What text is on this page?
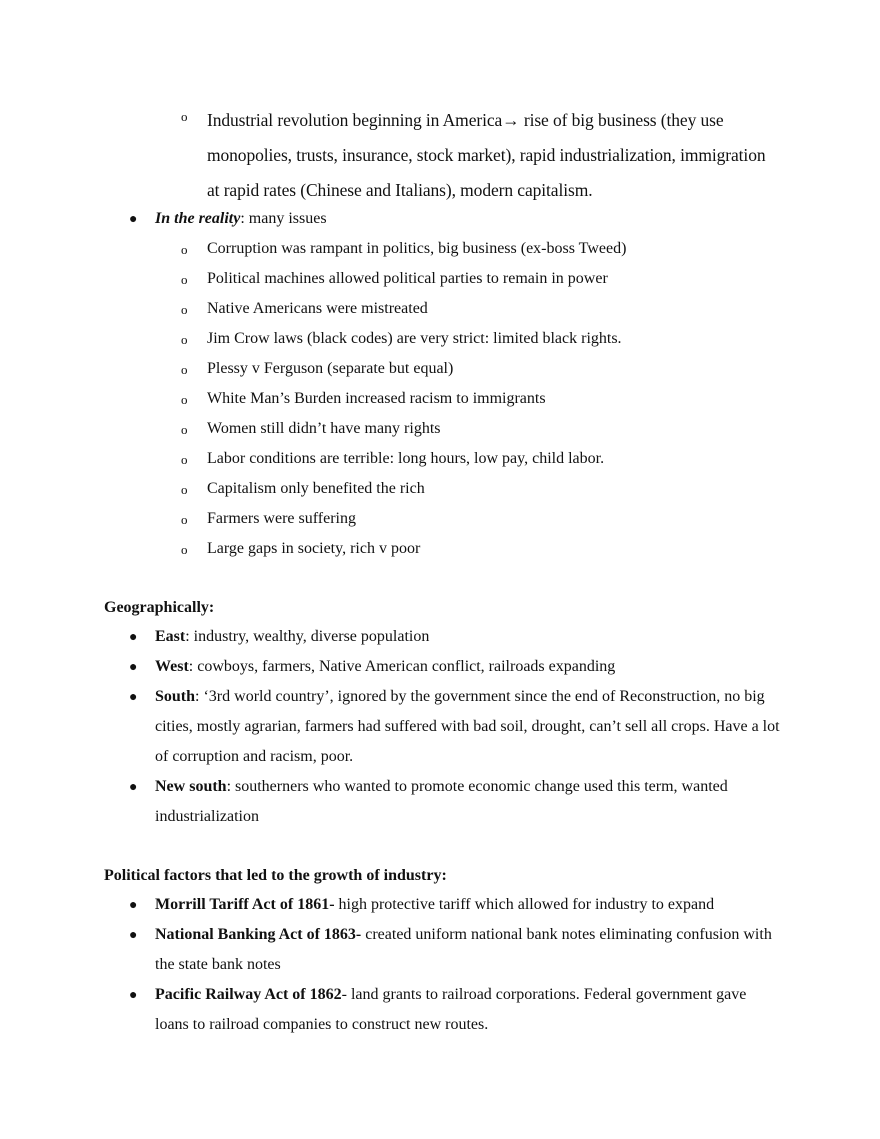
o Industrial revolution beginning in America→ rise of big business (they use monopolies, trusts, insurance, stock market), rapid industrialization, immigration at rapid rates (Chinese and Italians), modern capitalism.
● In the reality: many issues
o Corruption was rampant in politics, big business (ex-boss Tweed)
o Political machines allowed political parties to remain in power
o Native Americans were mistreated
o Jim Crow laws (black codes) are very strict: limited black rights.
o Plessy v Ferguson (separate but equal)
o White Man’s Burden increased racism to immigrants
o Women still didn’t have many rights
o Labor conditions are terrible: long hours, low pay, child labor.
o Capitalism only benefited the rich
o Farmers were suffering
o Large gaps in society, rich v poor
Geographically:
● East: industry, wealthy, diverse population
● West: cowboys, farmers, Native American conflict, railroads expanding
● South: ‘3rd world country’, ignored by the government since the end of Reconstruction, no big cities, mostly agrarian, farmers had suffered with bad soil, drought, can’t sell all crops. Have a lot of corruption and racism, poor.
● New south: southerners who wanted to promote economic change used this term, wanted industrialization
Political factors that led to the growth of industry:
● Morrill Tariff Act of 1861- high protective tariff which allowed for industry to expand
● National Banking Act of 1863- created uniform national bank notes eliminating confusion with the state bank notes
● Pacific Railway Act of 1862- land grants to railroad corporations. Federal government gave loans to railroad companies to construct new routes.
